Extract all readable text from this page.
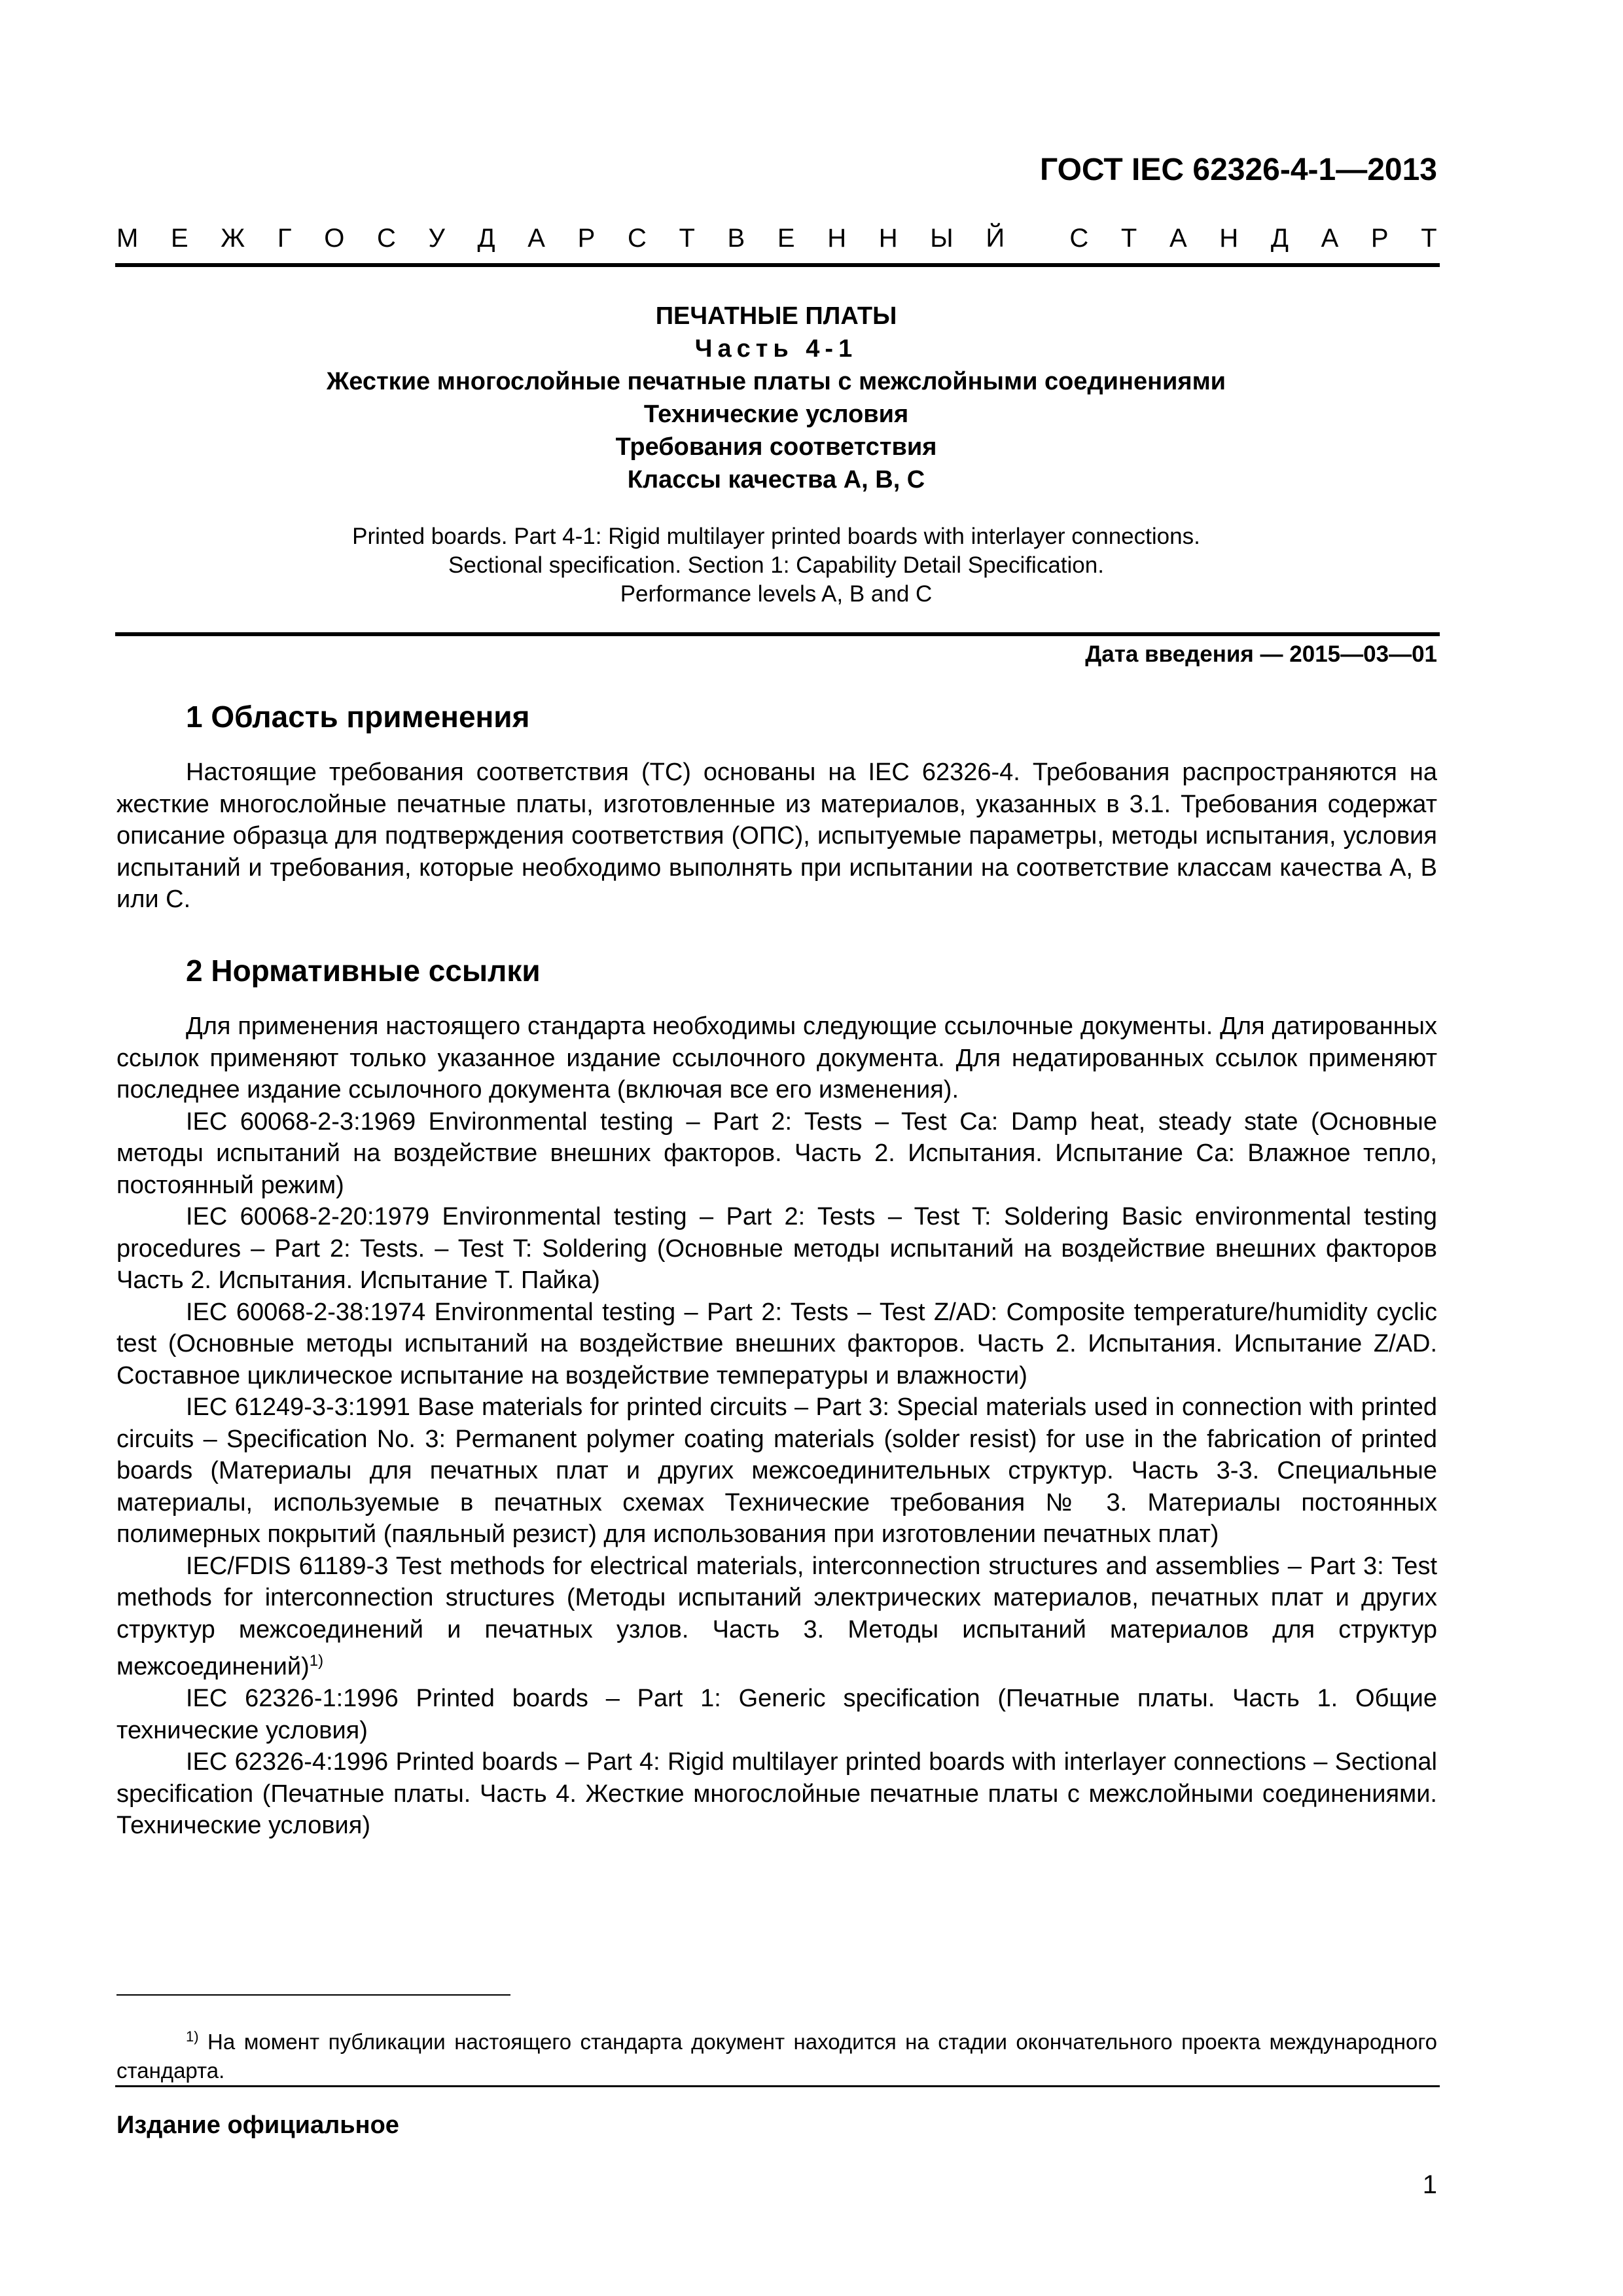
ГОСТ IEC 62326-4-1—2013
М Е Ж Г О С У Д А Р С Т В Е Н Н Ы Й С Т А Н Д А Р Т
ПЕЧАТНЫЕ ПЛАТЫ
Часть 4-1
Жесткие многослойные печатные платы с межслойными соединениями
Технические условия
Требования соответствия
Классы качества А, В, С
Printed boards. Part 4-1: Rigid multilayer printed boards with interlayer connections.
Sectional specification. Section 1: Capability Detail Specification.
Performance levels A, B and C
Дата введения — 2015—03—01
1 Область применения

Настоящие требования соответствия (ТС) основаны на IEC 62326-4. Требования распространяются на жесткие многослойные печатные платы, изготовленные из материалов, указанных в 3.1. Требования содержат описание образца для подтверждения соответствия (ОПС), испытуемые параметры, методы испытания, условия испытаний и требования, которые необходимо выполнять при испытании на соответствие классам качества А, В или С.

2 Нормативные ссылки

Для применения настоящего стандарта необходимы следующие ссылочные документы. Для датированных ссылок применяют только указанное издание ссылочного документа. Для недатированных ссылок применяют последнее издание ссылочного документа (включая все его изменения).

IEC 60068-2-3:1969 Environmental testing – Part 2: Tests – Test Ca: Damp heat, steady state (Основные методы испытаний на воздействие внешних факторов. Часть 2. Испытания. Испытание Са: Влажное тепло, постоянный режим)

IEC 60068-2-20:1979 Environmental testing – Part 2: Tests – Test T: Soldering Basic environmental testing procedures – Part 2: Tests. – Test T: Soldering (Основные методы испытаний на воздействие внешних факторов Часть 2. Испытания. Испытание Т. Пайка)

IEC 60068-2-38:1974 Environmental testing – Part 2: Tests – Test Z/AD: Composite temperature/humidity cyclic test (Основные методы испытаний на воздействие внешних факторов. Часть 2. Испытания. Испытание Z/AD. Составное циклическое испытание на воздействие температуры и влажности)

IEC 61249-3-3:1991 Base materials for printed circuits – Part 3: Special materials used in connection with printed circuits – Specification No. 3: Permanent polymer coating materials (solder resist) for use in the fabrication of printed boards (Материалы для печатных плат и других межсоединительных структур. Часть 3-3. Специальные материалы, используемые в печатных схемах Технические требования № 3. Материалы постоянных полимерных покрытий (паяльный резист) для использования при изготовлении печатных плат)

IEC/FDIS 61189-3 Test methods for electrical materials, interconnection structures and assemblies – Part 3: Test methods for interconnection structures (Методы испытаний электрических материалов, печатных плат и других структур межсоединений и печатных узлов. Часть 3. Методы испытаний материалов для структур межсоединений)$^{1)}$

IEC 62326-1:1996 Printed boards – Part 1: Generic specification (Печатные платы. Часть 1. Общие технические условия)

IEC 62326-4:1996 Printed boards – Part 4: Rigid multilayer printed boards with interlayer connections – Sectional specification (Печатные платы. Часть 4. Жесткие многослойные печатные платы с межслойными соединениями. Технические условия)

$^{1)}$ На момент публикации настоящего стандарта документ находится на стадии окончательного проекта международного стандарта.
Издание официальное
1
